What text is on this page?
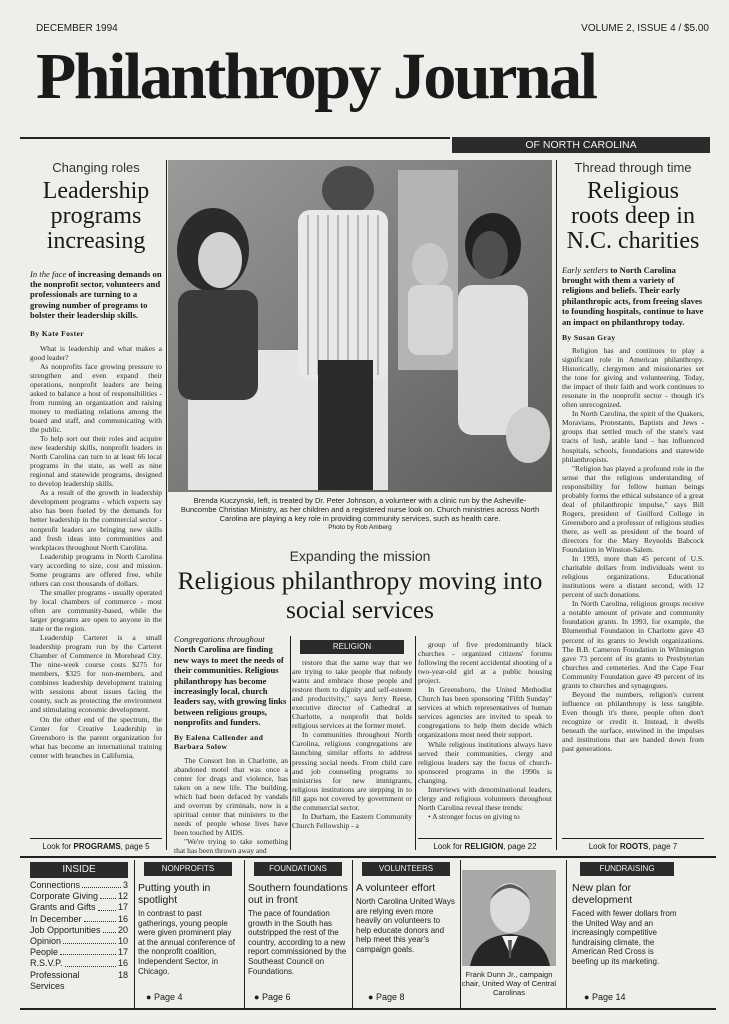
DECEMBER 1994	VOLUME 2, ISSUE 4 / $5.00
Philanthropy Journal
OF NORTH CAROLINA
Changing roles
Leadership programs increasing
In the face of increasing demands on the nonprofit sector, volunteers and professionals are turning to a growing number of programs to bolster their leadership skills.
By Kate Foster

What is leadership and what makes a good leader?

As nonprofits face growing pressure to strengthen and even expand their operations, nonprofit leaders are being asked to balance a host of responsibilities - from running an organization and raising money to mediating relations among the board and staff, and communicating with the public.

To help sort out their roles and acquire new leadership skills, nonprofit leaders in North Carolina can turn to at least 66 local programs in the state, as well as nine regional and statewide programs, designed to develop leadership skills.

As a result of the growth in leadership development programs - which experts say also has been fueled by the demands for better leadership in the commercial sector - nonprofit leaders are bringing new skills and fresh ideas into communities and workplaces throughout North Carolina.

Leadership programs in North Carolina vary according to size, cost and mission. Some programs are offered free, while others can cost thousands of dollars.

The smaller programs - usually operated by local chambers of commerce - most often are community-based, while the larger programs are open to anyone in the state or the region.

Leadership Carteret is a small leadership program run by the Carteret Chamber of Commerce in Morehead City. The nine-week course costs $275 for members, $325 for non-members, and combines leadership development training with sessions about issues facing the county, such as protecting the environment and stimulating economic development.

On the other end of the spectrum, the Center for Creative Leadership in Greensboro is the parent organization for what has become an international training center with branches in California,

Look for PROGRAMS, page 5
Brenda Kuczynski, left, is treated by Dr. Peter Johnson, a volunteer with a clinic run by the Asheville-Buncombe Christian Ministry, as her children and a registered nurse look on. Church ministries across North Carolina are playing a key role in providing community services, such as health care.
Photo by Rob Amberg
Expanding the mission
Religious philanthropy moving into social services
Congregations throughout North Carolina are finding new ways to meet the needs of their communities. Religious philanthropy has become increasingly local, church leaders say, with growing links between religious groups, nonprofits and funders.
By Ealena Callender and Barbara Solow

The Consort Inn in Charlotte, an abandoned motel that was once a center for drugs and violence, has taken on a new life. The building, which had been defaced by vandals and overrun by criminals, now is a spiritual center that ministers to the needs of people whose lives have been touched by AIDS.

"We're trying to take something that has been thrown away and

RELIGION

restore that the same way that we are trying to take people that nobody wants and embrace those people and restore them to dignity and self-esteem and productivity," says Jerry Reese, executive director of Cathedral at Charlotte, a nonprofit that holds religious services at the former motel.

In communities throughout North Carolina, religious congregations are launching similar efforts to address pressing social needs. From child care and job counseling programs to ministries for new immigrants, religious institutions are stepping in to fill gaps not covered by government or the commercial sector.

In Durham, the Eastern Community Church Fellowship - a

group of five predominantly black churches - organized citizens' forums following the recent accidental shooting of a two-year-old girl at a public housing project.

In Greensboro, the United Methodist Church has been sponsoring "Fifth Sunday" services at which representatives of human services agencies are invited to speak to congregations to help them decide which organizations most need their support.

While religious institutions always have served their communities, clergy and religious leaders say the focus of church-sponsored programs in the 1990s is changing.

Interviews with denominational leaders, clergy and religious volunteers throughout North Carolina reveal these trends:

• A stronger focus on giving to

Look for RELIGION, page 22
Thread through time
Religious roots deep in N.C. charities
Early settlers to North Carolina brought with them a variety of religions and beliefs. Their early philanthropic acts, from freeing slaves to founding hospitals, continue to have an impact on philanthropy today.
By Susan Gray

Religion has and continues to play a significant role in American philanthropy. Historically, clergymen and missionaries set the tone for giving and volunteering. Today, the impact of their faith and work continues to resonate in the nonprofit sector - though it's often unrecognized.

In North Carolina, the spirit of the Quakers, Moravians, Protestants, Baptists and Jews - groups that settled much of the state's vast tracts of lush, arable land - has influenced hospitals, schools, foundations and statewide philanthropists.

"Religion has played a profound role in the sense that the religious understanding of responsibility for fellow human beings probably forms the ethical substance of a great deal of philanthropic impulse," says Bill Rogers, president of Guilford College in Greensboro and a professor of religious studies there, as well as president of the board of directors for the Mary Reynolds Babcock Foundation in Winston-Salem.

In 1993, more than 45 percent of U.S. charitable dollars from individuals went to religious organizations. Educational institutions were a distant second, with 12 percent of such donations.

In North Carolina, religious groups receive a notable amount of private and community foundation grants. In 1993, for example, the Blumenthal Foundation in Charlotte gave 43 percent of its grants to Jewish organizations. The B.B. Cameron Foundation in Wilmington gave 73 percent of its grants to Presbyterian churches and cemeteries. And the Cape Fear Community Foundation gave 49 percent of its grants to churches and synagogues.

Beyond the numbers, religion's current influence on philanthropy is less tangible. Even though it's there, people often don't recognize or credit it. Instead, it dwells beneath the surface, entwined in the impulses and institutions that are handed down from past generations.

Look for ROOTS, page 7
INSIDE
Connections	3
Corporate Giving 12
Grants and Gifts 17
In December	16
Job Opportunities 20
Opinion	10
People	17
R.S.V.P.	16
Professional Services
18
NONPROFITS
Putting youth in spotlight
In contrast to past gatherings, young people were given prominent play at the annual conference of the nonprofit coalition, Independent Sector, in Chicago.
● Page 4
FOUNDATIONS
Southern foundations out in front
The pace of foundation growth in the South has outstripped the rest of the country, according to a new report commissioned by the Southeast Council on Foundations.
● Page 6
VOLUNTEERS
A volunteer effort
North Carolina United Ways are relying even more heavily on volunteers to help educate donors and help meet this year's campaign goals.
● Page 8
Frank Dunn Jr., campaign chair, United Way of Central Carolinas
FUNDRAISING
New plan for development
Faced with fewer dollars from the United Way and an increasingly competitive fundraising climate, the American Red Cross is beefing up its marketing.
● Page 14
